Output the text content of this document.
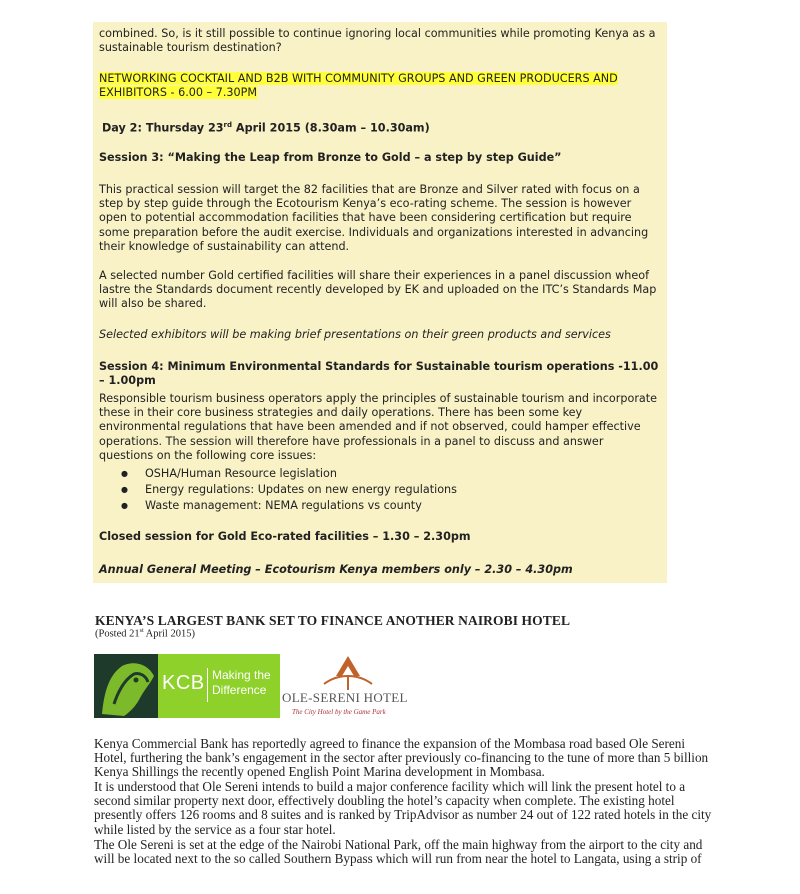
combined. So, is it still possible to continue ignoring local communities while promoting Kenya as a sustainable tourism destination?

NETWORKING COCKTAIL AND B2B WITH COMMUNITY GROUPS AND GREEN PRODUCERS AND EXHIBITORS - 6.00 – 7.30PM

Day 2: Thursday 23rd April 2015 (8.30am – 10.30am)

Session 3: “Making the Leap from Bronze to Gold – a step by step Guide”

This practical session will target the 82 facilities that are Bronze and Silver rated with focus on a step by step guide through the Ecotourism Kenya’s eco-rating scheme. The session is however open to potential accommodation facilities that have been considering certification but require some preparation before the audit exercise. Individuals and organizations interested in advancing their knowledge of sustainability can attend.

A selected number Gold certified facilities will share their experiences in a panel discussion wheof lastre the Standards document recently developed by EK and uploaded on the ITC’s Standards Map will also be shared.

Selected exhibitors will be making brief presentations on their green products and services

Session 4: Minimum Environmental Standards for Sustainable tourism operations -11.00 – 1.00pm

Responsible tourism business operators apply the principles of sustainable tourism and incorporate these in their core business strategies and daily operations. There has been some key environmental regulations that have been amended and if not observed, could hamper effective operations. The session will therefore have professionals in a panel to discuss and answer questions on the following core issues:

● OSHA/Human Resource legislation
● Energy regulations: Updates on new energy regulations
● Waste management: NEMA regulations vs county

Closed session for Gold Eco-rated facilities – 1.30 – 2.30pm

Annual General Meeting – Ecotourism Kenya members only – 2.30 – 4.30pm

KENYA’S LARGEST BANK SET TO FINANCE ANOTHER NAIROBI HOTEL
(Posted 21st April 2015)
KCB Making the
Difference	OLE-SERENI HOTEL
The City Hotel by the Game Park

Kenya Commercial Bank has reportedly agreed to finance the expansion of the Mombasa road based Ole Sereni Hotel, furthering the bank’s engagement in the sector after previously co-financing to the tune of more than 5 billion Kenya Shillings the recently opened English Point Marina development in Mombasa.

It is understood that Ole Sereni intends to build a major conference facility which will link the present hotel to a second similar property next door, effectively doubling the hotel’s capacity when complete. The existing hotel presently offers 126 rooms and 8 suites and is ranked by TripAdvisor as number 24 out of 122 rated hotels in the city while listed by the service as a four star hotel.

The Ole Sereni is set at the edge of the Nairobi National Park, off the main highway from the airport to the city and will be located next to the so called Southern Bypass which will run from near the hotel to Langata, using a strip of
